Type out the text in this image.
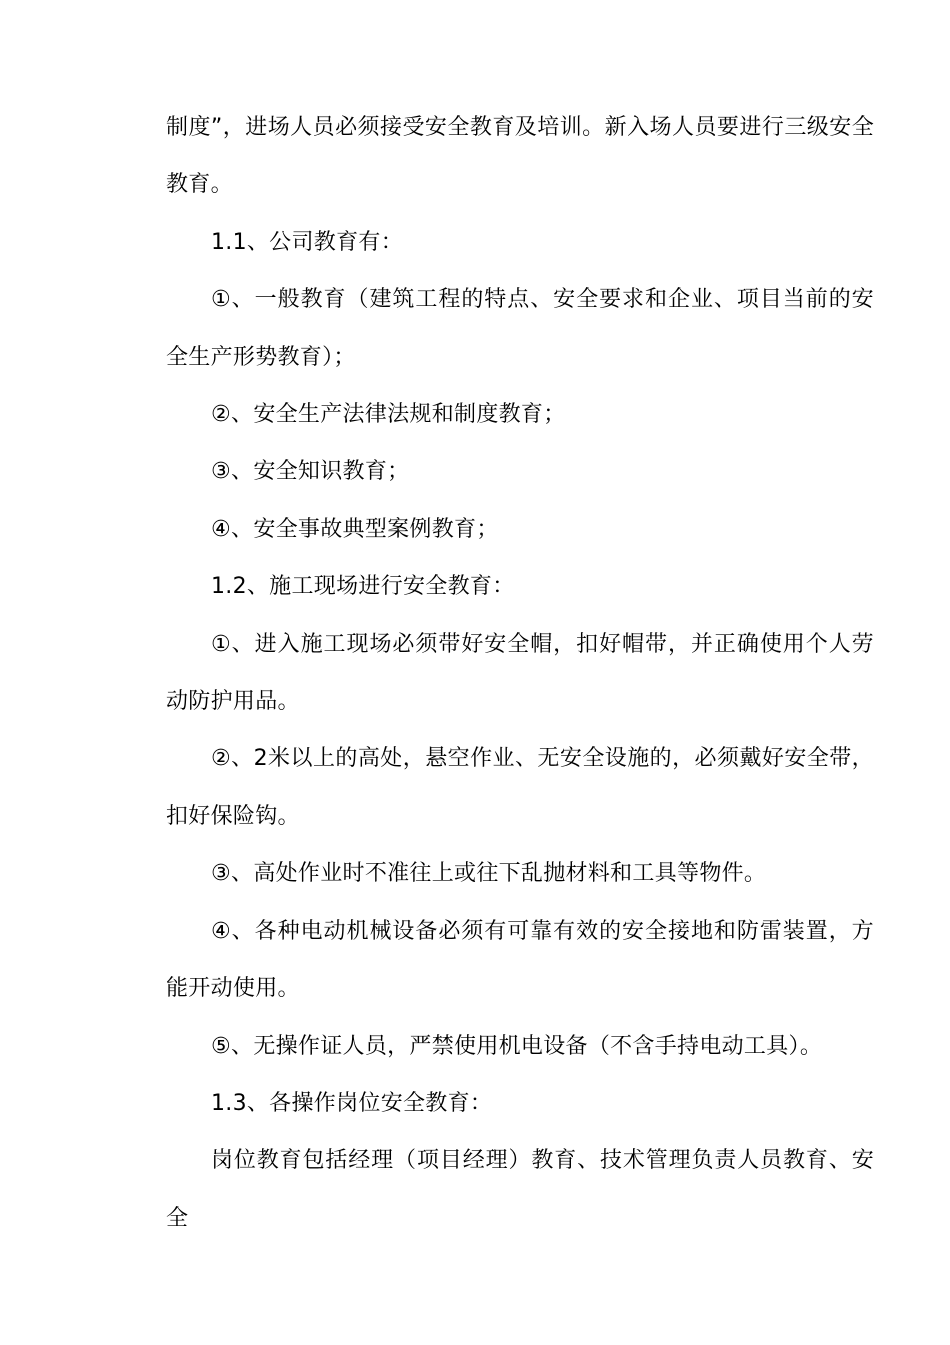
制度”，进场人员必须接受安全教育及培训。新入场人员要进行三级安全教育。

1.1、公司教育有：

①、一般教育（建筑工程的特点、安全要求和企业、项目当前的安全生产形势教育）；

②、安全生产法律法规和制度教育；

③、安全知识教育；

④、安全事故典型案例教育；

1.2、施工现场进行安全教育：

①、进入施工现场必须带好安全帽，扣好帽带，并正确使用个人劳动防护用品。

②、2米以上的高处，悬空作业、无安全设施的，必须戴好安全带，扣好保险钩。

③、高处作业时不准往上或往下乱抛材料和工具等物件。

④、各种电动机械设备必须有可靠有效的安全接地和防雷装置，方能开动使用。

⑤、无操作证人员，严禁使用机电设备（不含手持电动工具）。

1.3、各操作岗位安全教育：

岗位教育包括经理（项目经理）教育、技术管理负责人员教育、安全
